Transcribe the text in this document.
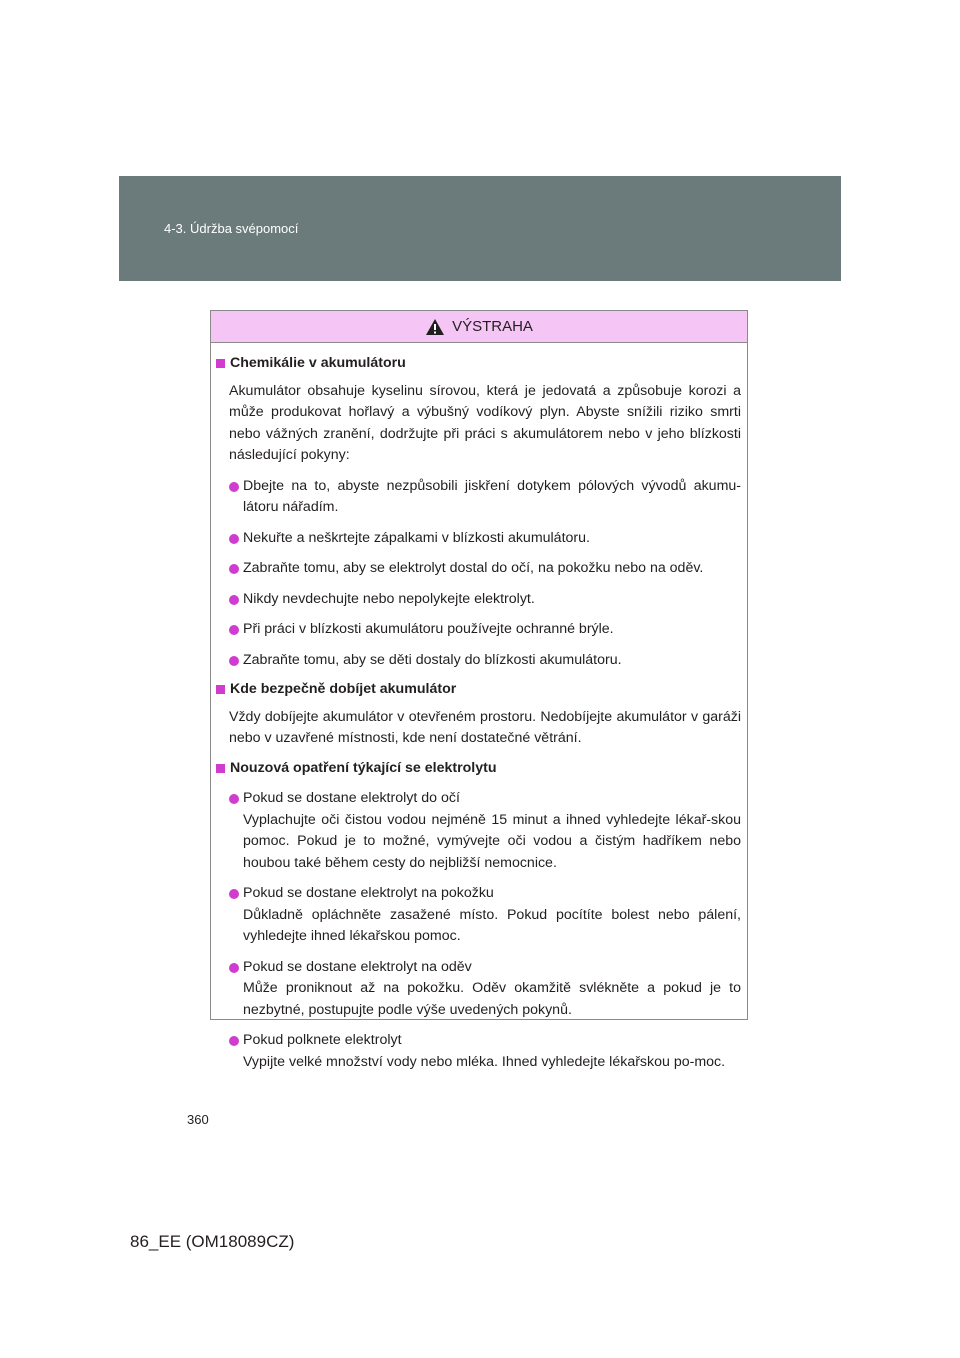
4-3. Údržba svépomocí
VÝSTRAHA
Chemikálie v akumulátoru
Akumulátor obsahuje kyselinu sírovou, která je jedovatá a způsobuje korozi a může produkovat hořlavý a výbušný vodíkový plyn. Abyste snížili riziko smrti nebo vážných zranění, dodržujte při práci s akumulátorem nebo v jeho blízkosti následující pokyny:
Dbejte na to, abyste nezpůsobili jiskření dotykem pólových vývodů akumu-látoru nářadím.
Nekuřte a neškrtejte zápalkami v blízkosti akumulátoru.
Zabraňte tomu, aby se elektrolyt dostal do očí, na pokožku nebo na oděv.
Nikdy nevdechujte nebo nepolykejte elektrolyt.
Při práci v blízkosti akumulátoru používejte ochranné brýle.
Zabraňte tomu, aby se děti dostaly do blízkosti akumulátoru.
Kde bezpečně dobíjet akumulátor
Vždy dobíjejte akumulátor v otevřeném prostoru. Nedobíjejte akumulátor v garáži nebo v uzavřené místnosti, kde není dostatečné větrání.
Nouzová opatření týkající se elektrolytu
Pokud se dostane elektrolyt do očí
Vyplachujte oči čistou vodou nejméně 15 minut a ihned vyhledejte lékař-skou pomoc. Pokud je to možné, vymývejte oči vodou a čistým hadříkem nebo houbou také během cesty do nejbližší nemocnice.
Pokud se dostane elektrolyt na pokožku
Důkladně opláchněte zasažené místo. Pokud pocítíte bolest nebo pálení, vyhledejte ihned lékařskou pomoc.
Pokud se dostane elektrolyt na oděv
Může proniknout až na pokožku. Oděv okamžitě svlékněte a pokud je to nezbytné, postupujte podle výše uvedených pokynů.
Pokud polknete elektrolyt
Vypijte velké množství vody nebo mléka. Ihned vyhledejte lékařskou po-moc.
360
86_EE (OM18089CZ)
